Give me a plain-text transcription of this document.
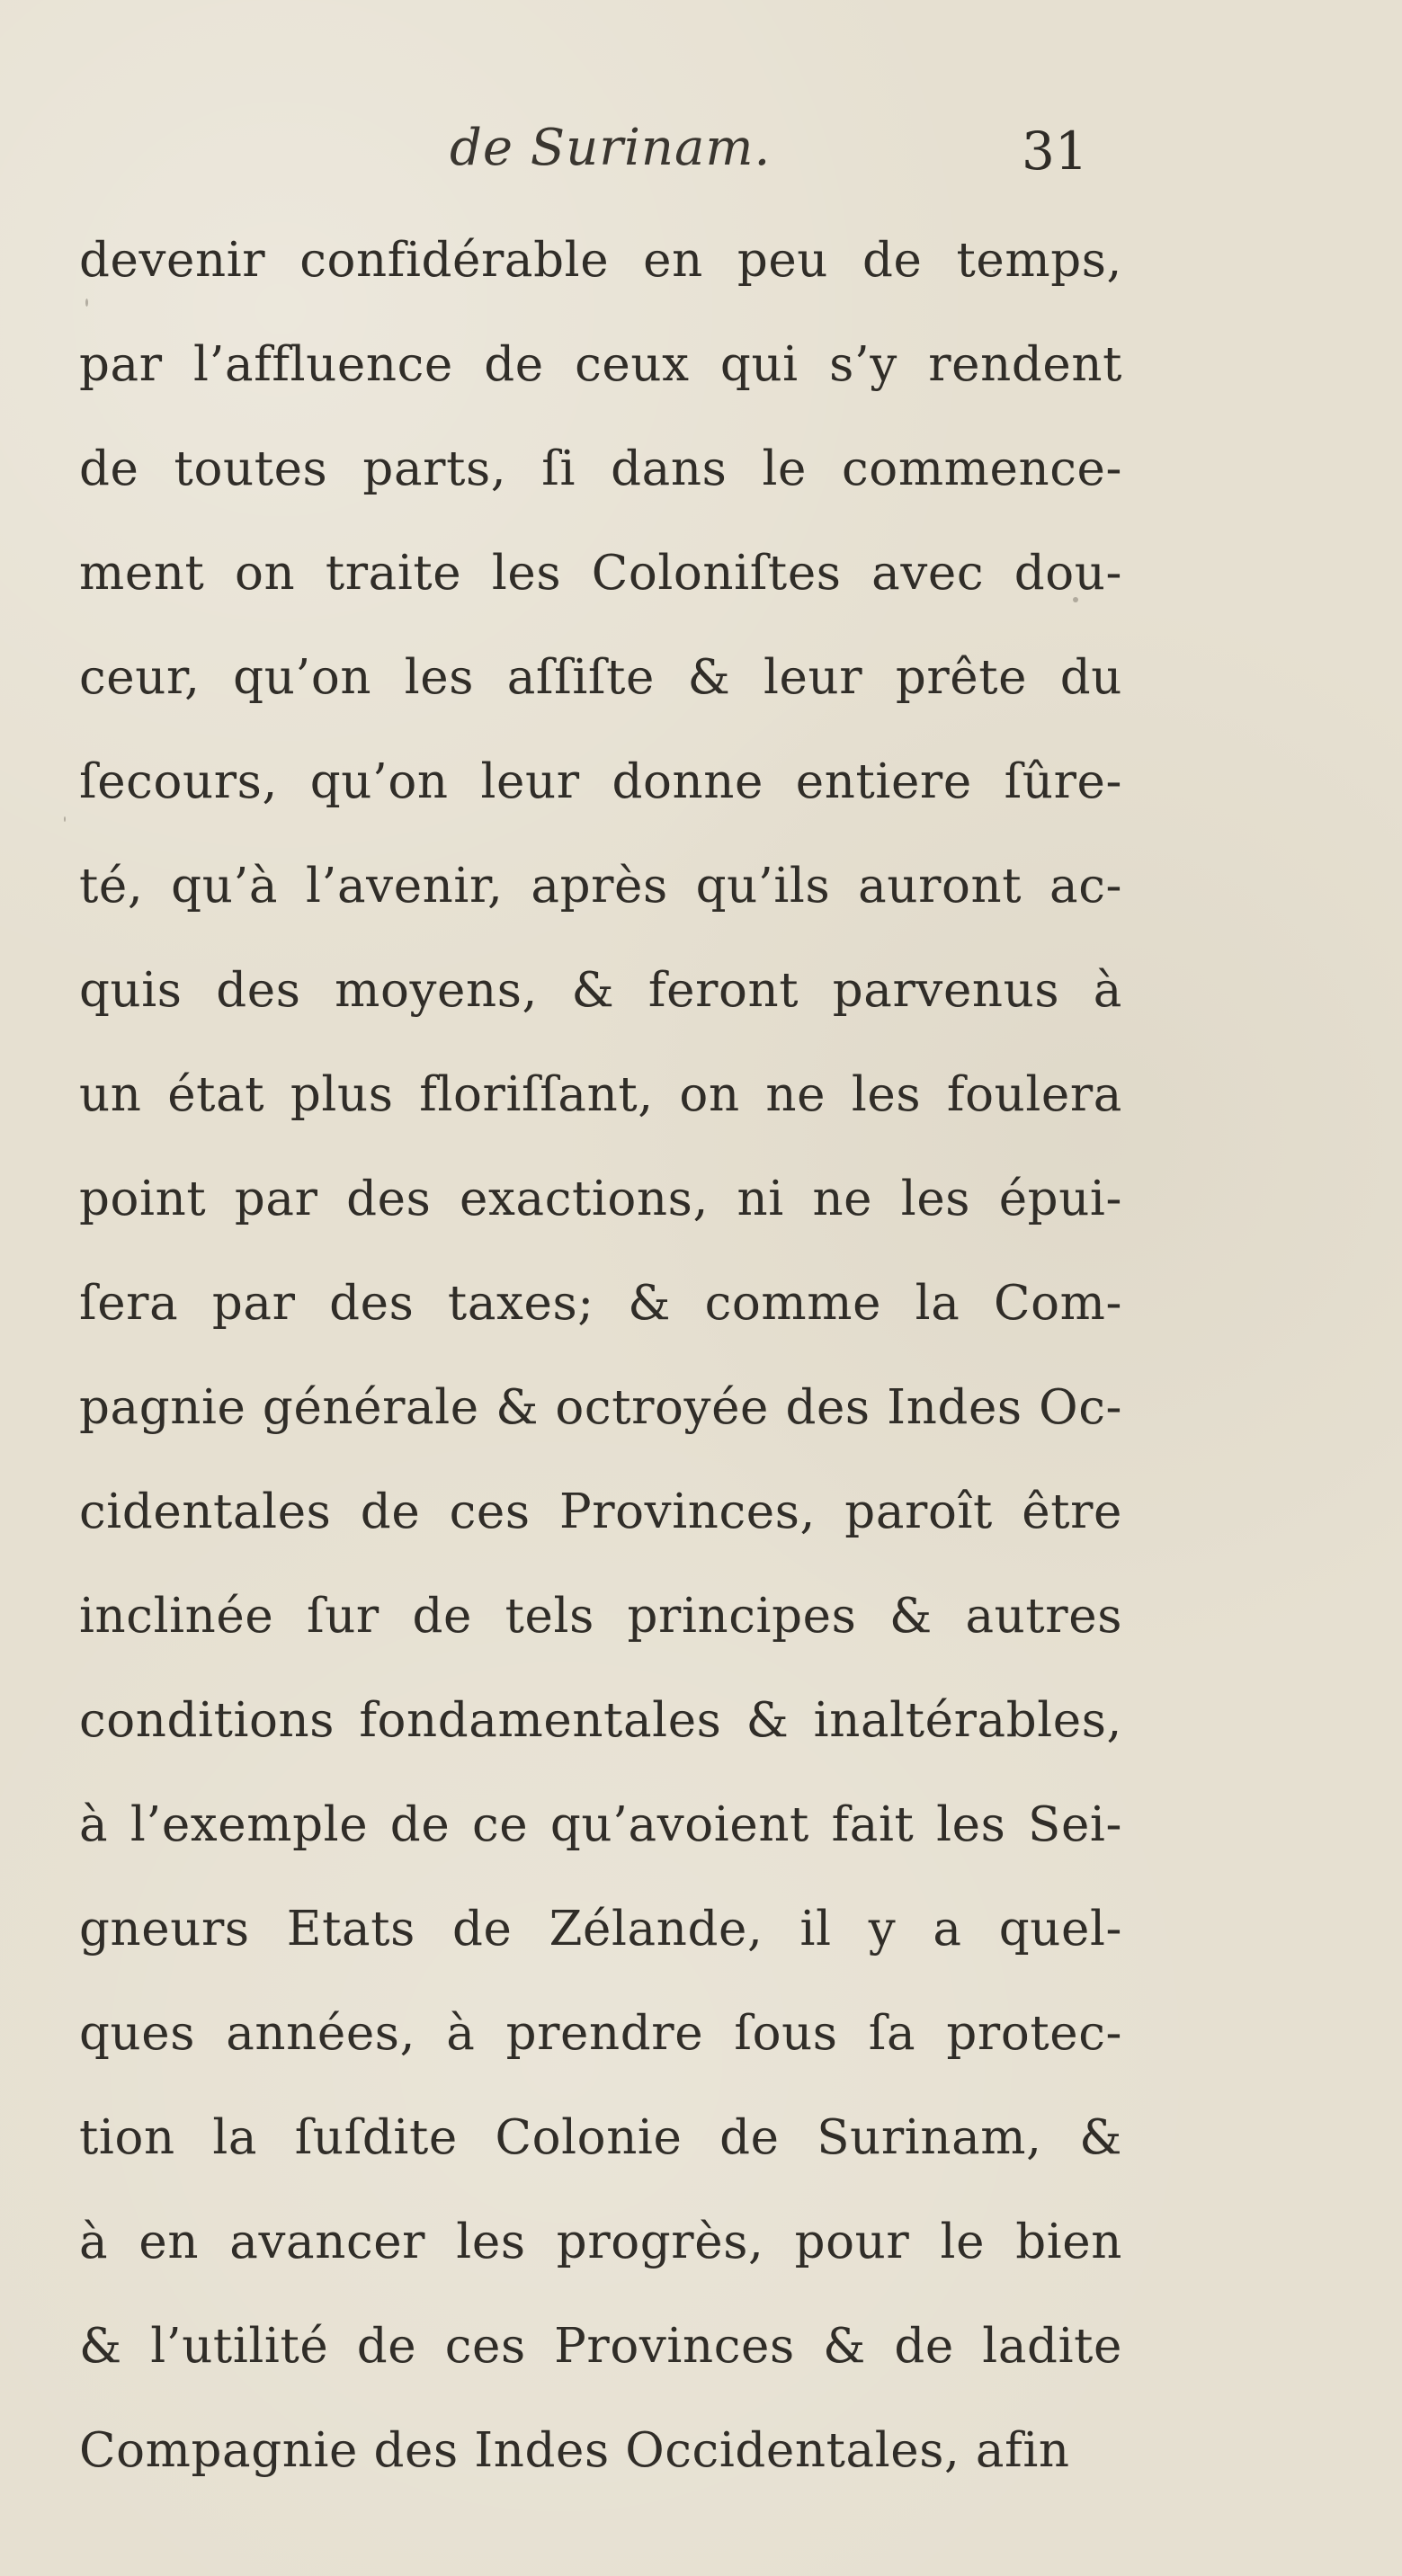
de Surinam.	31
devenir confidérable en peu de temps,
par l’affluence de ceux qui s’y rendent
de toutes parts, ſi dans le commence-
ment on traite les Coloniſtes avec dou-
ceur, qu’on les aſſiſte & leur prête du
ſecours, qu’on leur donne entiere ſûre-
té, qu’à l’avenir, après qu’ils auront ac-
quis des moyens, & feront parvenus à
un état plus floriſſant, on ne les foulera
point par des exactions, ni ne les épui-
ſera par des taxes; & comme la Com-
pagnie générale & octroyée des Indes Oc-
cidentales de ces Provinces, paroît être
inclinée ſur de tels principes & autres
conditions fondamentales & inaltérables,
à l’exemple de ce qu’avoient fait les Sei-
gneurs Etats de Zélande, il y a quel-
ques années, à prendre ſous ſa protec-
tion la ſuſdite Colonie de Surinam, &
à en avancer les progrès, pour le bien
& l’utilité de ces Provinces & de ladite
Compagnie des Indes Occidentales, afin
